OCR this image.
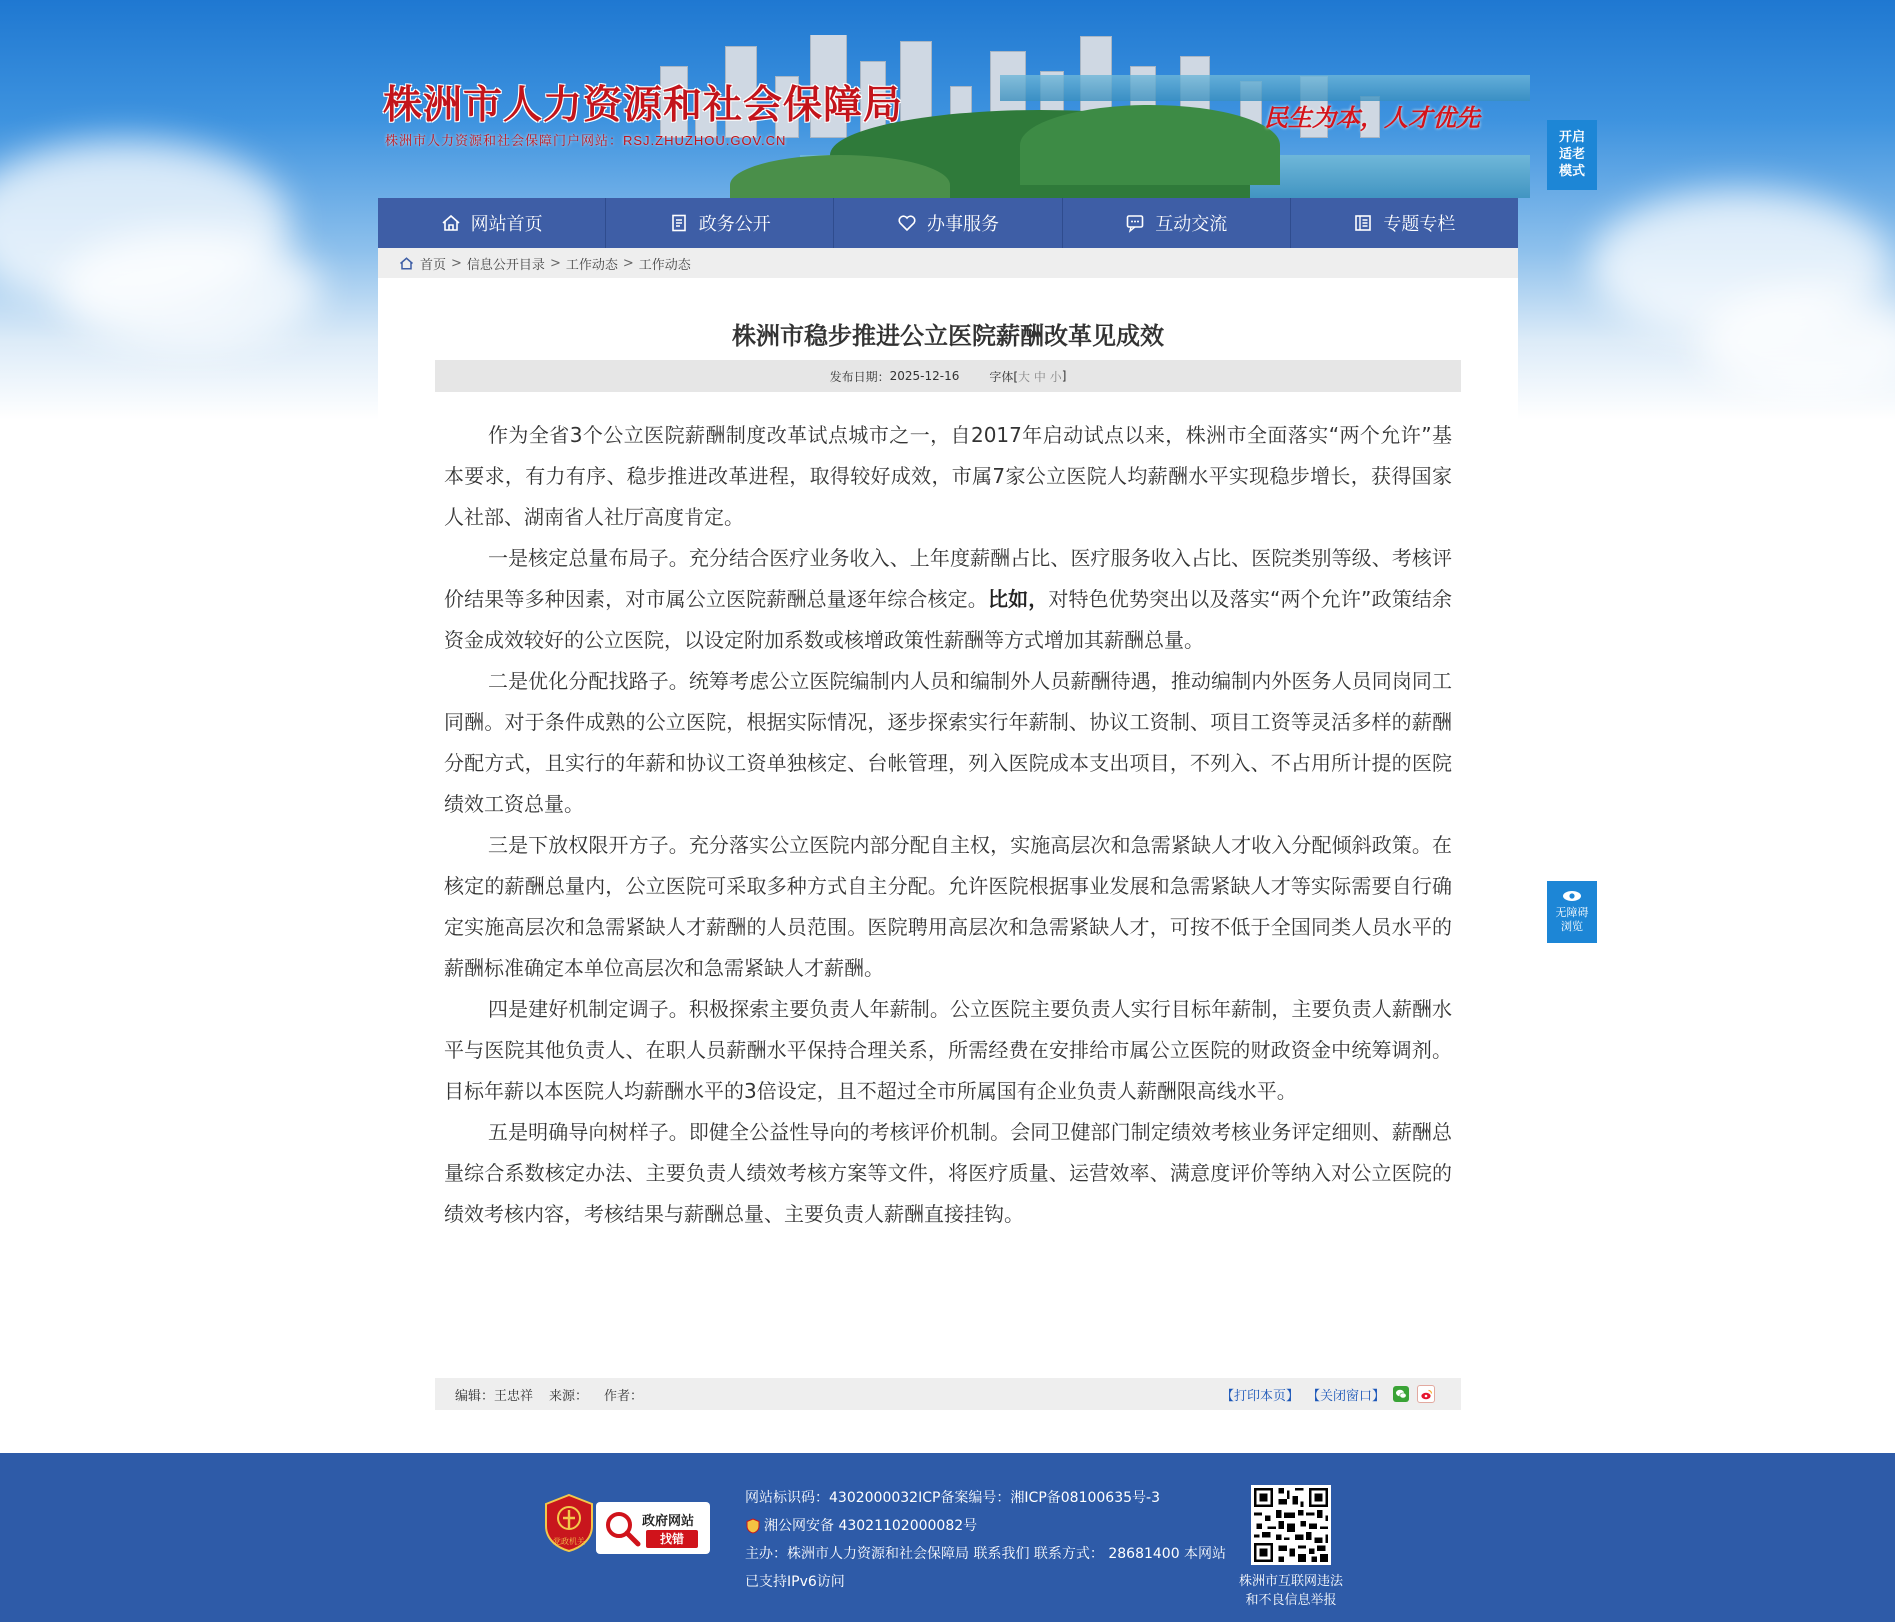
株洲市人力资源和社会保障局
株洲市人力资源和社会保障门户网站：RSJ.ZHUZHOU.GOV.CN
民生为本，人才优先
开启适老模式
网站首页	政务公开	办事服务	互动交流	专题专栏
首页 > 信息公开目录 > 工作动态 > 工作动态
株洲市稳步推进公立医院薪酬改革见成效
发布日期： 2025-12-16	字体[ 大 中 小 ]

作为全省3个公立医院薪酬制度改革试点城市之一，自2017年启动试点以来，株洲市全面落实“两个允许”基本要求，有力有序、稳步推进改革进程，取得较好成效，市属7家公立医院人均薪酬水平实现稳步增长，获得国家人社部、湖南省人社厅高度肯定。

一是核定总量布局子。充分结合医疗业务收入、上年度薪酬占比、医疗服务收入占比、医院类别等级、考核评价结果等多种因素，对市属公立医院薪酬总量逐年综合核定。比如，对特色优势突出以及落实“两个允许”政策结余资金成效较好的公立医院，以设定附加系数或核增政策性薪酬等方式增加其薪酬总量。

二是优化分配找路子。统筹考虑公立医院编制内人员和编制外人员薪酬待遇，推动编制内外医务人员同岗同工同酬。对于条件成熟的公立医院，根据实际情况，逐步探索实行年薪制、协议工资制、项目工资等灵活多样的薪酬分配方式，且实行的年薪和协议工资单独核定、台帐管理，列入医院成本支出项目，不列入、不占用所计提的医院绩效工资总量。

三是下放权限开方子。充分落实公立医院内部分配自主权，实施高层次和急需紧缺人才收入分配倾斜政策。在核定的薪酬总量内，公立医院可采取多种方式自主分配。允许医院根据事业发展和急需紧缺人才等实际需要自行确定实施高层次和急需紧缺人才薪酬的人员范围。医院聘用高层次和急需紧缺人才，可按不低于全国同类人员水平的薪酬标准确定本单位高层次和急需紧缺人才薪酬。

四是建好机制定调子。积极探索主要负责人年薪制。公立医院主要负责人实行目标年薪制，主要负责人薪酬水平与医院其他负责人、在职人员薪酬水平保持合理关系，所需经费在安排给市属公立医院的财政资金中统筹调剂。目标年薪以本医院人均薪酬水平的3倍设定，且不超过全市所属国有企业负责人薪酬限高线水平。

五是明确导向树样子。即健全公益性导向的考核评价机制。会同卫健部门制定绩效考核业务评定细则、薪酬总量综合系数核定办法、主要负责人绩效考核方案等文件，将医疗质量、运营效率、满意度评价等纳入对公立医院的绩效考核内容，考核结果与薪酬总量、主要负责人薪酬直接挂钩。

编辑：王忠祥 来源： 作者：	【打印本页】 【关闭窗口】
无障碍
浏览
党政机关
政府网站
找错
网站标识码：4302000032ICP备案编号：湘ICP备08100635号-3
湘公网安备 43021102000082号
主办：株洲市人力资源和社会保障局 联系我们 联系方式： 28681400 本网站
已支持IPv6访问	株洲市互联网违法
和不良信息举报
